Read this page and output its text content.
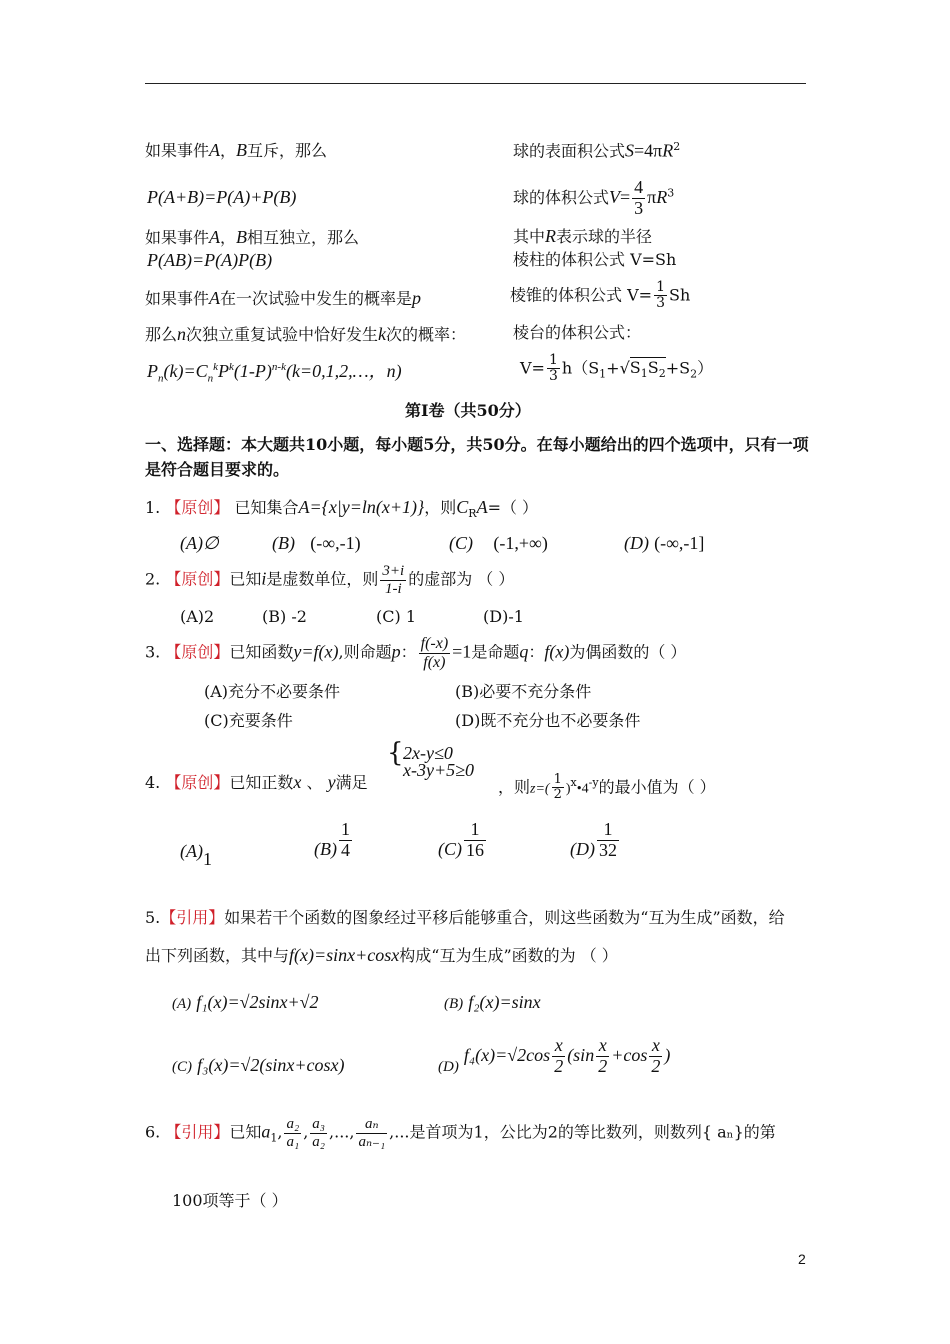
如果事件A，B互斥，那么
P(A+B)=P(A)+P(B)
如果事件A，B相互独立，那么
P(AB)=P(A)P(B)
如果事件A在一次试验中发生的概率是p
那么n次独立重复试验中恰好发生k次的概率：
$P_n(k)=C_n^kP^k(1-P)^{n-k}(k=0,1,2,\dots$，n)
球的表面积公式$S=4\pi R^2$
球的体积公式$V= \frac{4}{3} \pi R^3$
其中R表示球的半径
棱柱的体积公式 V=Sh
棱锥的体积公式 $V= \frac{1}{3}$ Sh
棱台的体积公式：
$V= \frac{1}{3} h(S_1+√S_1S_2+S_2)$
第Ⅰ卷（共50分）
一、选择题：本大题共10小题，每小题5分，共50分。在每小题给出的四个选项中，只有一项
是符合题目要求的。
1. 【原创】 已知集合A={x|y=ln(x+1)}，则$C_RA=$（ ）
(A)∅	(B) (-∞,-1)	(C) (-1,+∞)	(D) (-∞,-1]
2. 【原创】已知i是虚数单位，则 $\frac{3+i}{1-i}$ 的虚部为 （ ）
(A)2	(B) -2	(C) 1	(D)-1
3. 【原创】已知函数y=f(x),则命题p： $\frac{f(-x)}{f(x)} =1$是命题q：f(x)为偶函数的（ ）
(A)充分不必要条件	(B)必要不充分条件
(C)充要条件	(D)既不充分也不必要条件
4. 【原创】已知正数x 、 y满足
{ 2x-y≤0
x-3y+5≥0
，则$z=( \frac{1}{2}$ )$^x•4^{-y}$的最小值为（ ）
(A)1
$(B) \frac{1}{4}$	$(C) \frac{1}{16}$	$(D) \frac{1}{32}$
5.【引用】如果若干个函数的图象经过平移后能够重合，则这些函数为“互为生成”函数，给
出下列函数，其中与f(x)=sinx+cosx构成“互为生成”函数的为 （ ）
(A) f₁(x)=√2sinx+√2	(B) f₂(x)=sinx
(C) f₃(x)=√2(sinx+cosx)	(D) $f_4(x)=√2\cos \frac{x}{2} (\sin \frac{x}{2} +\cos \frac{x}{2}$ )
6. 【引用】已知$a_1$, $\frac{\text{a₂}}{\text{a₁}}$ , $\frac{\text{a₃}}{\text{a₂}}$ ,..., $\frac{\text{aₙ}}{\text{aₙ₋₁}}$ ,...是首项为1，公比为2的等比数列，则数列{ aₙ}的第
100项等于（ ）
2
